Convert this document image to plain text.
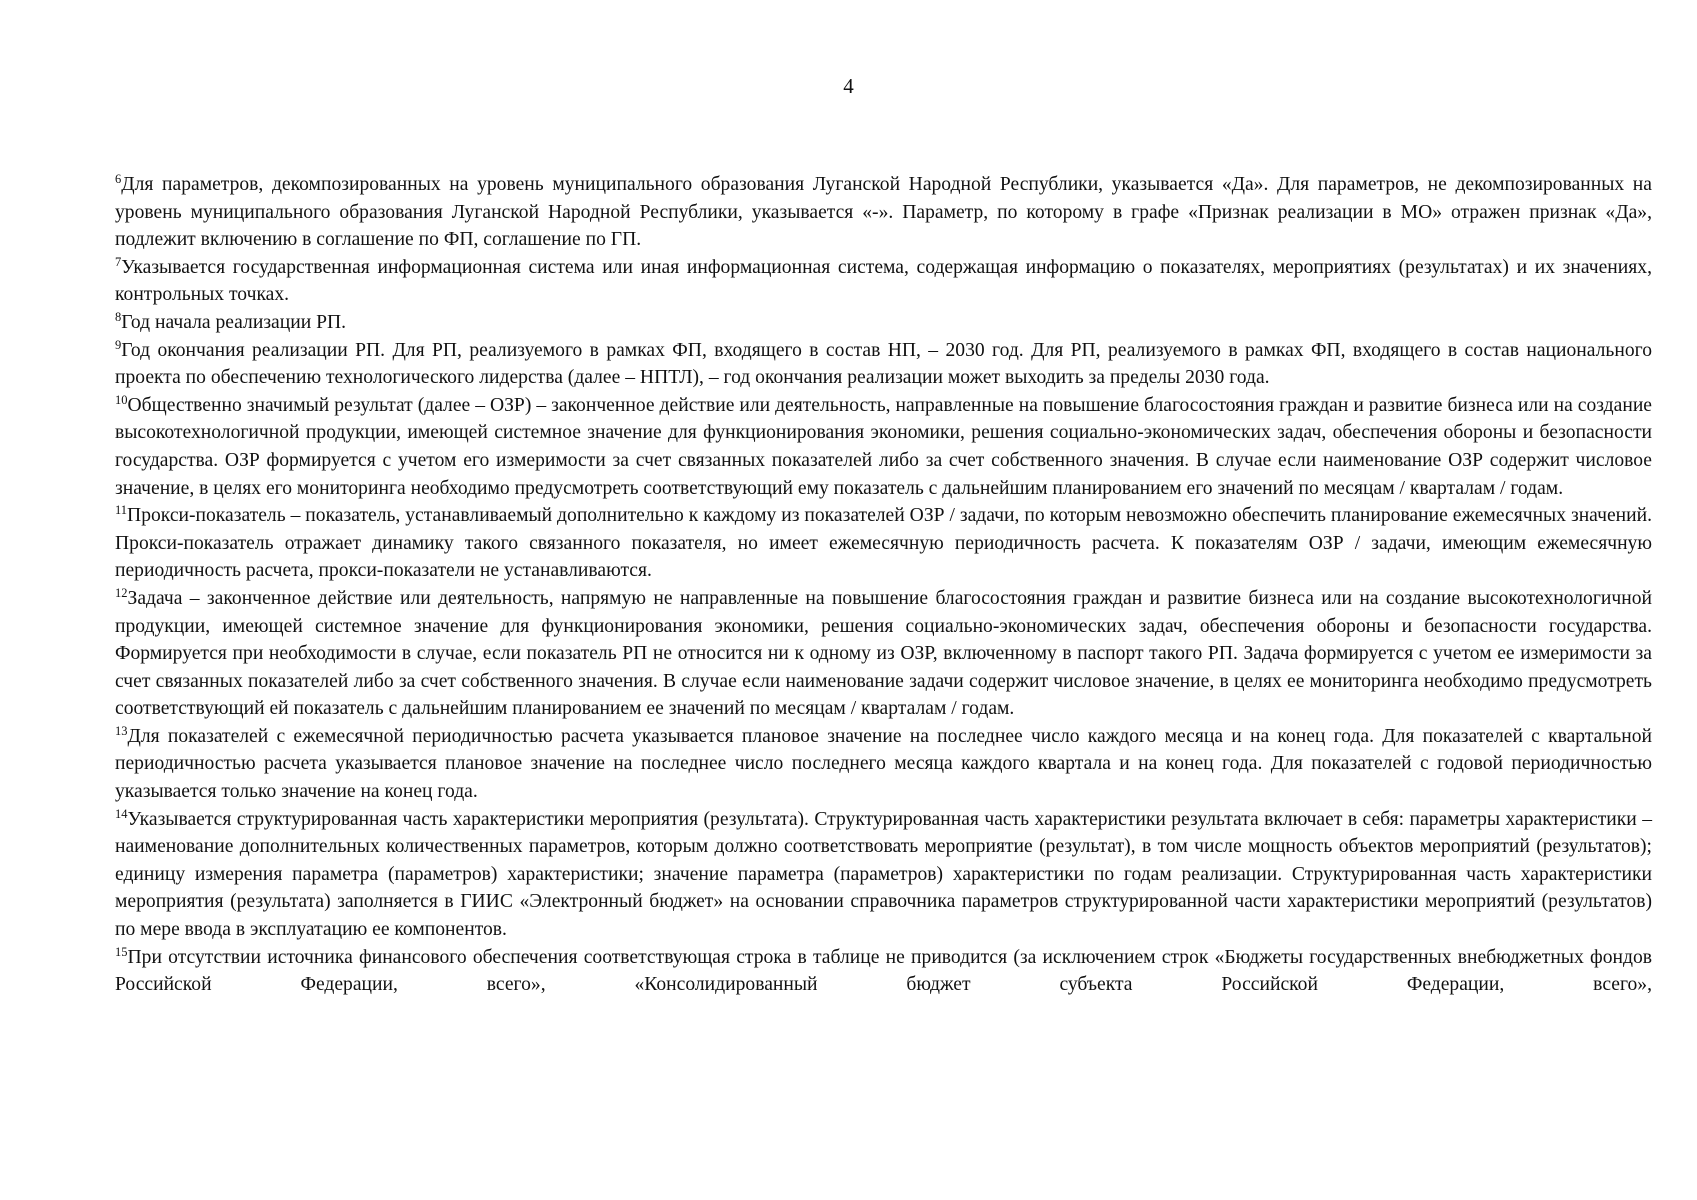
4

$^6$Для параметров, декомпозированных на уровень муниципального образования Луганской Народной Республики, указывается «Да». Для параметров, не декомпозированных на уровень муниципального образования Луганской Народной Республики, указывается «-». Параметр, по которому в графе «Признак реализации в МО» отражен признак «Да», подлежит включению в соглашение по ФП, соглашение по ГП.

$^7$Указывается государственная информационная система или иная информационная система, содержащая информацию о показателях, мероприятиях (результатах) и их значениях, контрольных точках.

$^8$Год начала реализации РП.

$^9$Год окончания реализации РП. Для РП, реализуемого в рамках ФП, входящего в состав НП, – 2030 год. Для РП, реализуемого в рамках ФП, входящего в состав национального проекта по обеспечению технологического лидерства (далее – НПТЛ), – год окончания реализации может выходить за пределы 2030 года.

$^{10}$Общественно значимый результат (далее – ОЗР) – законченное действие или деятельность, направленные на повышение благосостояния граждан и развитие бизнеса или на создание высокотехнологичной продукции, имеющей системное значение для функционирования экономики, решения социально-экономических задач, обеспечения обороны и безопасности государства. ОЗР формируется с учетом его измеримости за счет связанных показателей либо за счет собственного значения. В случае если наименование ОЗР содержит числовое значение, в целях его мониторинга необходимо предусмотреть соответствующий ему показатель с дальнейшим планированием его значений по месяцам / кварталам / годам.

$^{11}$Прокси-показатель – показатель, устанавливаемый дополнительно к каждому из показателей ОЗР / задачи, по которым невозможно обеспечить планирование ежемесячных значений. Прокси-показатель отражает динамику такого связанного показателя, но имеет ежемесячную периодичность расчета. К показателям ОЗР / задачи, имеющим ежемесячную периодичность расчета, прокси-показатели не устанавливаются.

$^{12}$Задача – законченное действие или деятельность, напрямую не направленные на повышение благосостояния граждан и развитие бизнеса или на создание высокотехнологичной продукции, имеющей системное значение для функционирования экономики, решения социально-экономических задач, обеспечения обороны и безопасности государства. Формируется при необходимости в случае, если показатель РП не относится ни к одному из ОЗР, включенному в паспорт такого РП. Задача формируется с учетом ее измеримости за счет связанных показателей либо за счет собственного значения. В случае если наименование задачи содержит числовое значение, в целях ее мониторинга необходимо предусмотреть соответствующий ей показатель с дальнейшим планированием ее значений по месяцам / кварталам / годам.

$^{13}$Для показателей с ежемесячной периодичностью расчета указывается плановое значение на последнее число каждого месяца и на конец года. Для показателей с квартальной периодичностью расчета указывается плановое значение на последнее число последнего месяца каждого квартала и на конец года. Для показателей с годовой периодичностью указывается только значение на конец года.

$^{14}$Указывается структурированная часть характеристики мероприятия (результата). Структурированная часть характеристики результата включает в себя: параметры характеристики – наименование дополнительных количественных параметров, которым должно соответствовать мероприятие (результат), в том числе мощность объектов мероприятий (результатов); единицу измерения параметра (параметров) характеристики; значение параметра (параметров) характеристики по годам реализации. Структурированная часть характеристики мероприятия (результата) заполняется в ГИИС «Электронный бюджет» на основании справочника параметров структурированной части характеристики мероприятий (результатов) по мере ввода в эксплуатацию ее компонентов.

$^{15}$При отсутствии источника финансового обеспечения соответствующая строка в таблице не приводится (за исключением строк «Бюджеты государственных внебюджетных фондов Российской Федерации, всего», «Консолидированный бюджет субъекта Российской Федерации, всего»,
